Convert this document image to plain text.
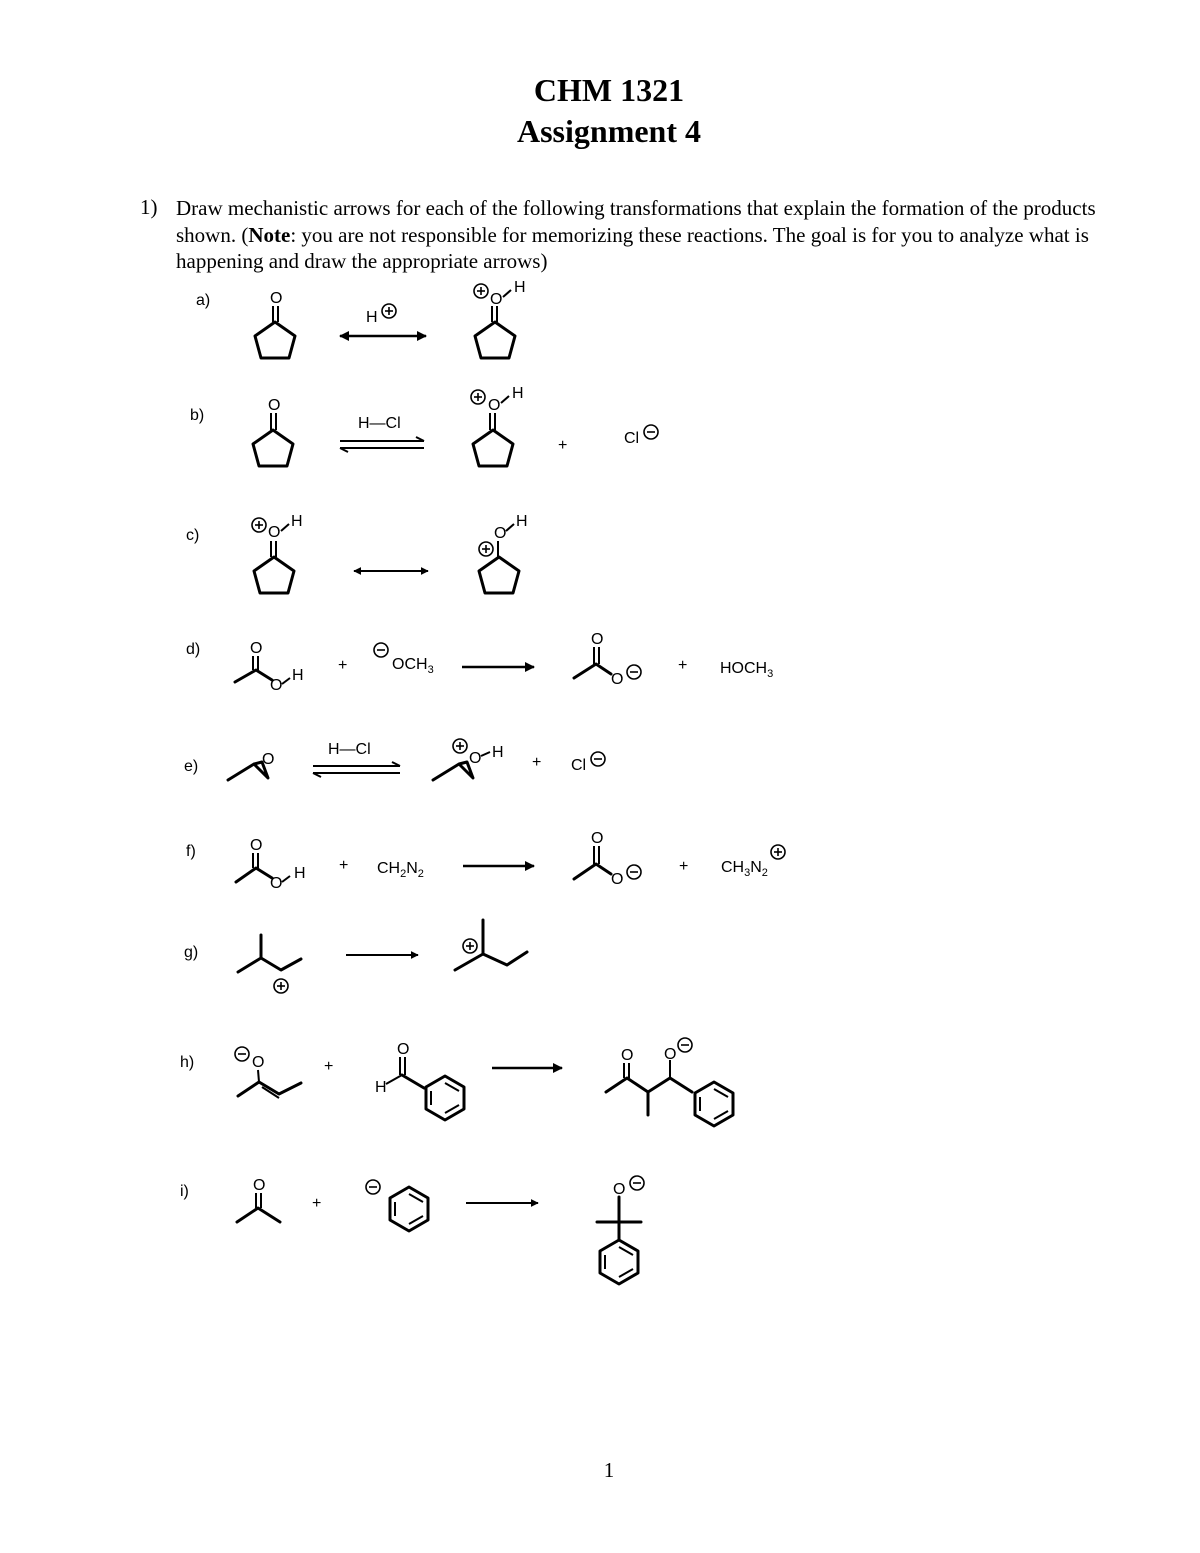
CHM 1321
Assignment 4
1) Draw mechanistic arrows for each of the following transformations that explain the formation of the products shown. (Note: you are not responsible for memorizing these reactions. The goal is for you to analyze what is happening and draw the appropriate arrows)
a)	O
H
O
H
b)
O
H—Cl
O
H
+	Cl
c)	O
H
O
H
d)	O
O
H
+	$OCH_3$
O
O
+ $HOCH_3$
e)	O
H—Cl
O H
+ Cl
f)	O
O
$H + CH_2N_2$
O
O
+ $CH_3N_2$
g)
h)	O	+
O
H
O O
i)	O
+
O
1
